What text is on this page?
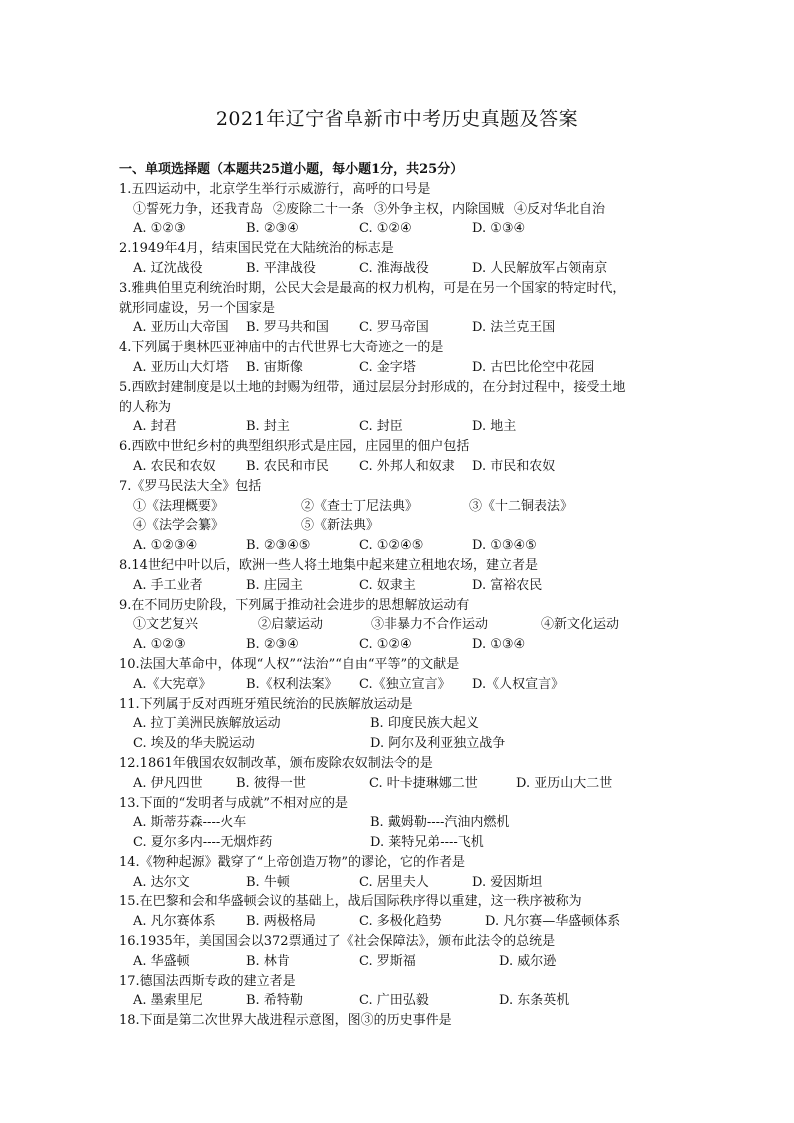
2021年辽宁省阜新市中考历史真题及答案
一、单项选择题（本题共25道小题，每小题1分，共25分）
1.五四运动中，北京学生举行示威游行，高呼的口号是
①誓死力争，还我青岛 ②废除二十一条 ③外争主权，内除国贼 ④反对华北自治
A. ①②③	B. ②③④	C. ①②④	D. ①③④
2.1949年4月，结束国民党在大陆统治的标志是
A. 辽沈战役	B. 平津战役	C. 淮海战役	D. 人民解放军占领南京
3.雅典伯里克利统治时期，公民大会是最高的权力机构，可是在另一个国家的特定时代，
就形同虚设，另一个国家是
A. 亚历山大帝国	B. 罗马共和国	C. 罗马帝国	D. 法兰克王国
4.下列属于奥林匹亚神庙中的古代世界七大奇迹之一的是
A. 亚历山大灯塔	B. 宙斯像	C. 金字塔	D. 古巴比伦空中花园
5.西欧封建制度是以土地的封赐为纽带，通过层层分封形成的，在分封过程中，接受土地
的人称为
A. 封君	B. 封主	C. 封臣	D. 地主
6.西欧中世纪乡村的典型组织形式是庄园，庄园里的佃户包括
A. 农民和农奴	B. 农民和市民	C. 外邦人和奴隶	D. 市民和农奴
7.《罗马民法大全》包括
①《法理概要》	②《查士丁尼法典》	③《十二铜表法》
④《法学会纂》	⑤《新法典》
A. ①②③④	B. ②③④⑤	C. ①②④⑤	D. ①③④⑤
8.14世纪中叶以后，欧洲一些人将土地集中起来建立租地农场，建立者是
A. 手工业者	B. 庄园主	C. 奴隶主	D. 富裕农民
9.在不同历史阶段，下列属于推动社会进步的思想解放运动有
①文艺复兴	②启蒙运动	③非暴力不合作运动	④新文化运动
A. ①②③	B. ②③④	C. ①②④	D. ①③④
10.法国大革命中，体现“人权”“法治”“自由“平等”的文献是
A.《大宪章》	B.《权利法案》	C.《独立宣言》	D.《人权宣言》
11.下列属于反对西班牙殖民统治的民族解放运动是
A. 拉丁美洲民族解放运动	B. 印度民族大起义
C. 埃及的华夫脱运动	D. 阿尔及利亚独立战争
12.1861年俄国农奴制改革，颁布废除农奴制法令的是
A. 伊凡四世	B. 彼得一世	C. 叶卡捷琳娜二世	D. 亚历山大二世
13.下面的“发明者与成就”不相对应的是
A. 斯蒂芬森----火车	B. 戴姆勒----汽油内燃机
C. 夏尔多内----无烟炸药	D. 莱特兄弟----飞机
14.《物种起源》戳穿了“上帝创造万物”的谬论，它的作者是
A. 达尔文	B. 牛顿	C. 居里夫人	D. 爱因斯坦
15.在巴黎和会和华盛顿会议的基础上，战后国际秩序得以重建，这一秩序被称为
A. 凡尔赛体系	B. 两极格局	C. 多极化趋势	D. 凡尔赛—华盛顿体系
16.1935年，美国国会以372票通过了《社会保障法》，颁布此法令的总统是
A. 华盛顿	B. 林肯	C. 罗斯福	D. 威尔逊
17.德国法西斯专政的建立者是
A. 墨索里尼	B. 希特勒	C. 广田弘毅	D. 东条英机
18.下面是第二次世界大战进程示意图，图③的历史事件是
